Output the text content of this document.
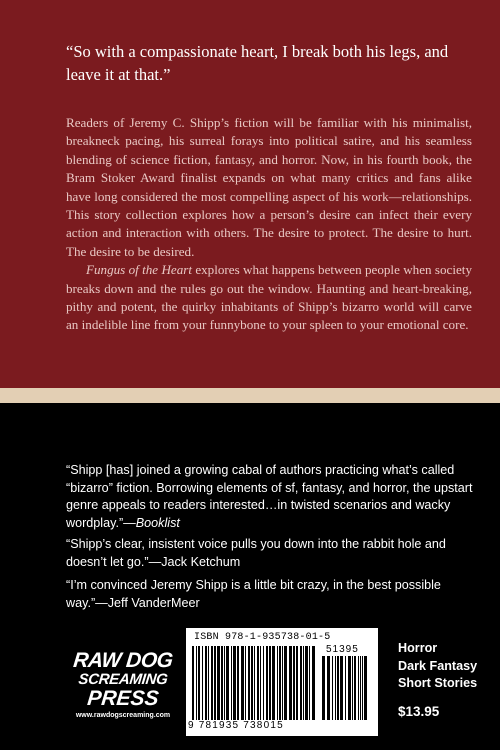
“So with a compassionate heart, I break both his legs, and leave it at that.”

Readers of Jeremy C. Shipp’s fiction will be familiar with his minimalist, breakneck pacing, his surreal forays into political satire, and his seamless blending of science fiction, fantasy, and horror. Now, in his fourth book, the Bram Stoker Award finalist expands on what many critics and fans alike have long considered the most compelling aspect of his work—relationships. This story collection explores how a person’s desire can infect their every action and interaction with others. The desire to protect. The desire to hurt. The desire to be desired.

Fungus of the Heart explores what happens between people when society breaks down and the rules go out the window. Haunting and heart-breaking, pithy and potent, the quirky inhabitants of Shipp’s bizarro world will carve an indelible line from your funnybone to your spleen to your emotional core.

“Shipp [has] joined a growing cabal of authors practicing what’s called “bizarro” fiction. Borrowing elements of sf, fantasy, and horror, the upstart genre appeals to readers interested…in twisted scenarios and wacky wordplay.”—Booklist
“Shipp’s clear, insistent voice pulls you down into the rabbit hole and doesn’t let go.”—Jack Ketchum
“I’m convinced Jeremy Shipp is a little bit crazy, in the best possible way.”—Jeff VanderMeer
RAW DOG
SCREAMING
PRESS
www.rawdogscreaming.com
ISBN 978-1-935738-01-5
51395
9 781935 738015
Horror
Dark Fantasy
Short Stories
$13.95
